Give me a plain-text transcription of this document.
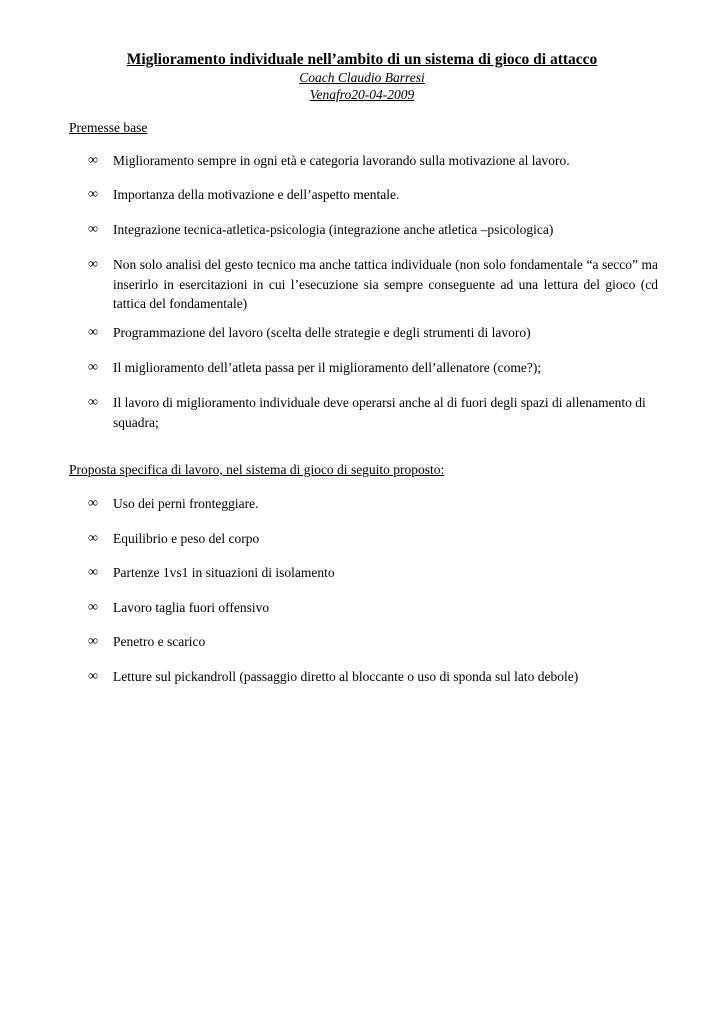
Miglioramento individuale nell’ambito di un sistema di gioco di attacco

Coach Claudio Barresi

Venafro20-04-2009

Premesse base

∞ Miglioramento sempre in ogni età e categoria lavorando sulla motivazione al lavoro.
∞ Importanza della motivazione e dell’aspetto mentale.
∞ Integrazione tecnica-atletica-psicologia (integrazione anche atletica –psicologica)
∞ Non solo analisi del gesto tecnico ma anche tattica individuale (non solo fondamentale “a secco” ma inserirlo in esercitazioni in cui l’esecuzione sia sempre conseguente ad una lettura del gioco (cd tattica del fondamentale)
∞ Programmazione del lavoro (scelta delle strategie e degli strumenti di lavoro)
∞ Il miglioramento dell’atleta passa per il miglioramento dell’allenatore (come?);
∞ Il lavoro di miglioramento individuale deve operarsi anche al di fuori degli spazi di allenamento di squadra;

Proposta specifica di lavoro, nel sistema di gioco di seguito proposto:

∞ Uso dei perni fronteggiare.
∞ Equilibrio e peso del corpo
∞ Partenze 1vs1 in situazioni di isolamento
∞ Lavoro taglia fuori offensivo
∞ Penetro e scarico
∞ Letture sul pickandroll (passaggio diretto al bloccante o uso di sponda sul lato debole)
